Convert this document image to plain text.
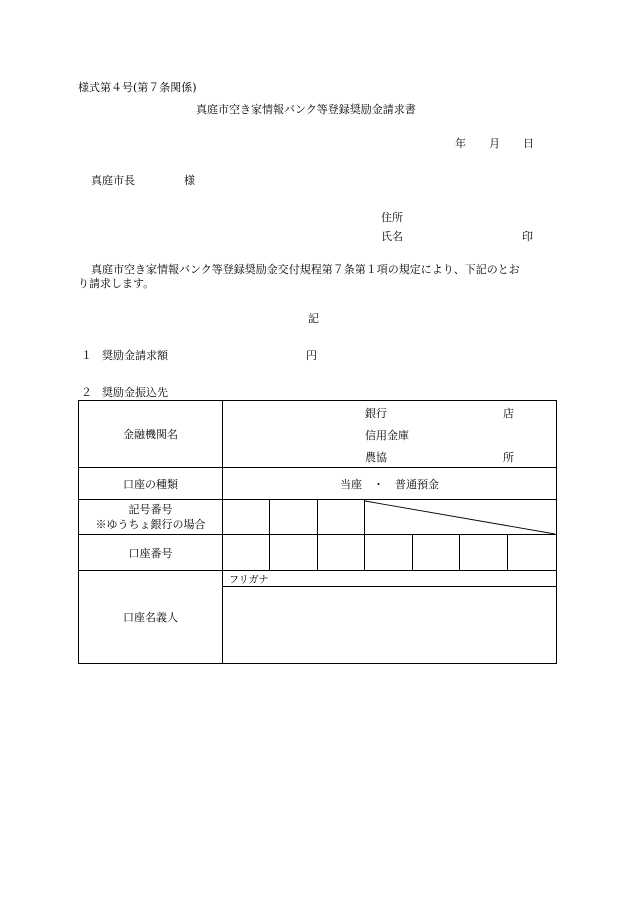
様式第４号(第７条関係)
真庭市空き家情報バンク等登録奨励金請求書
年 月 日
真庭市長	様
住所
氏名	印
真庭市空き家情報バンク等登録奨励金交付規程第７条第１項の規定により、下記のとお
り請求します。
記
１ 奨励金請求額	円
２ 奨励金振込先
金融機関名	銀行 店
信用金庫
農協 所						

口座の種類	当座　・　普通預金						

記号番号
※ゆうちょ銀行の場合

口座番号							
口座名義人	フリガナ						
